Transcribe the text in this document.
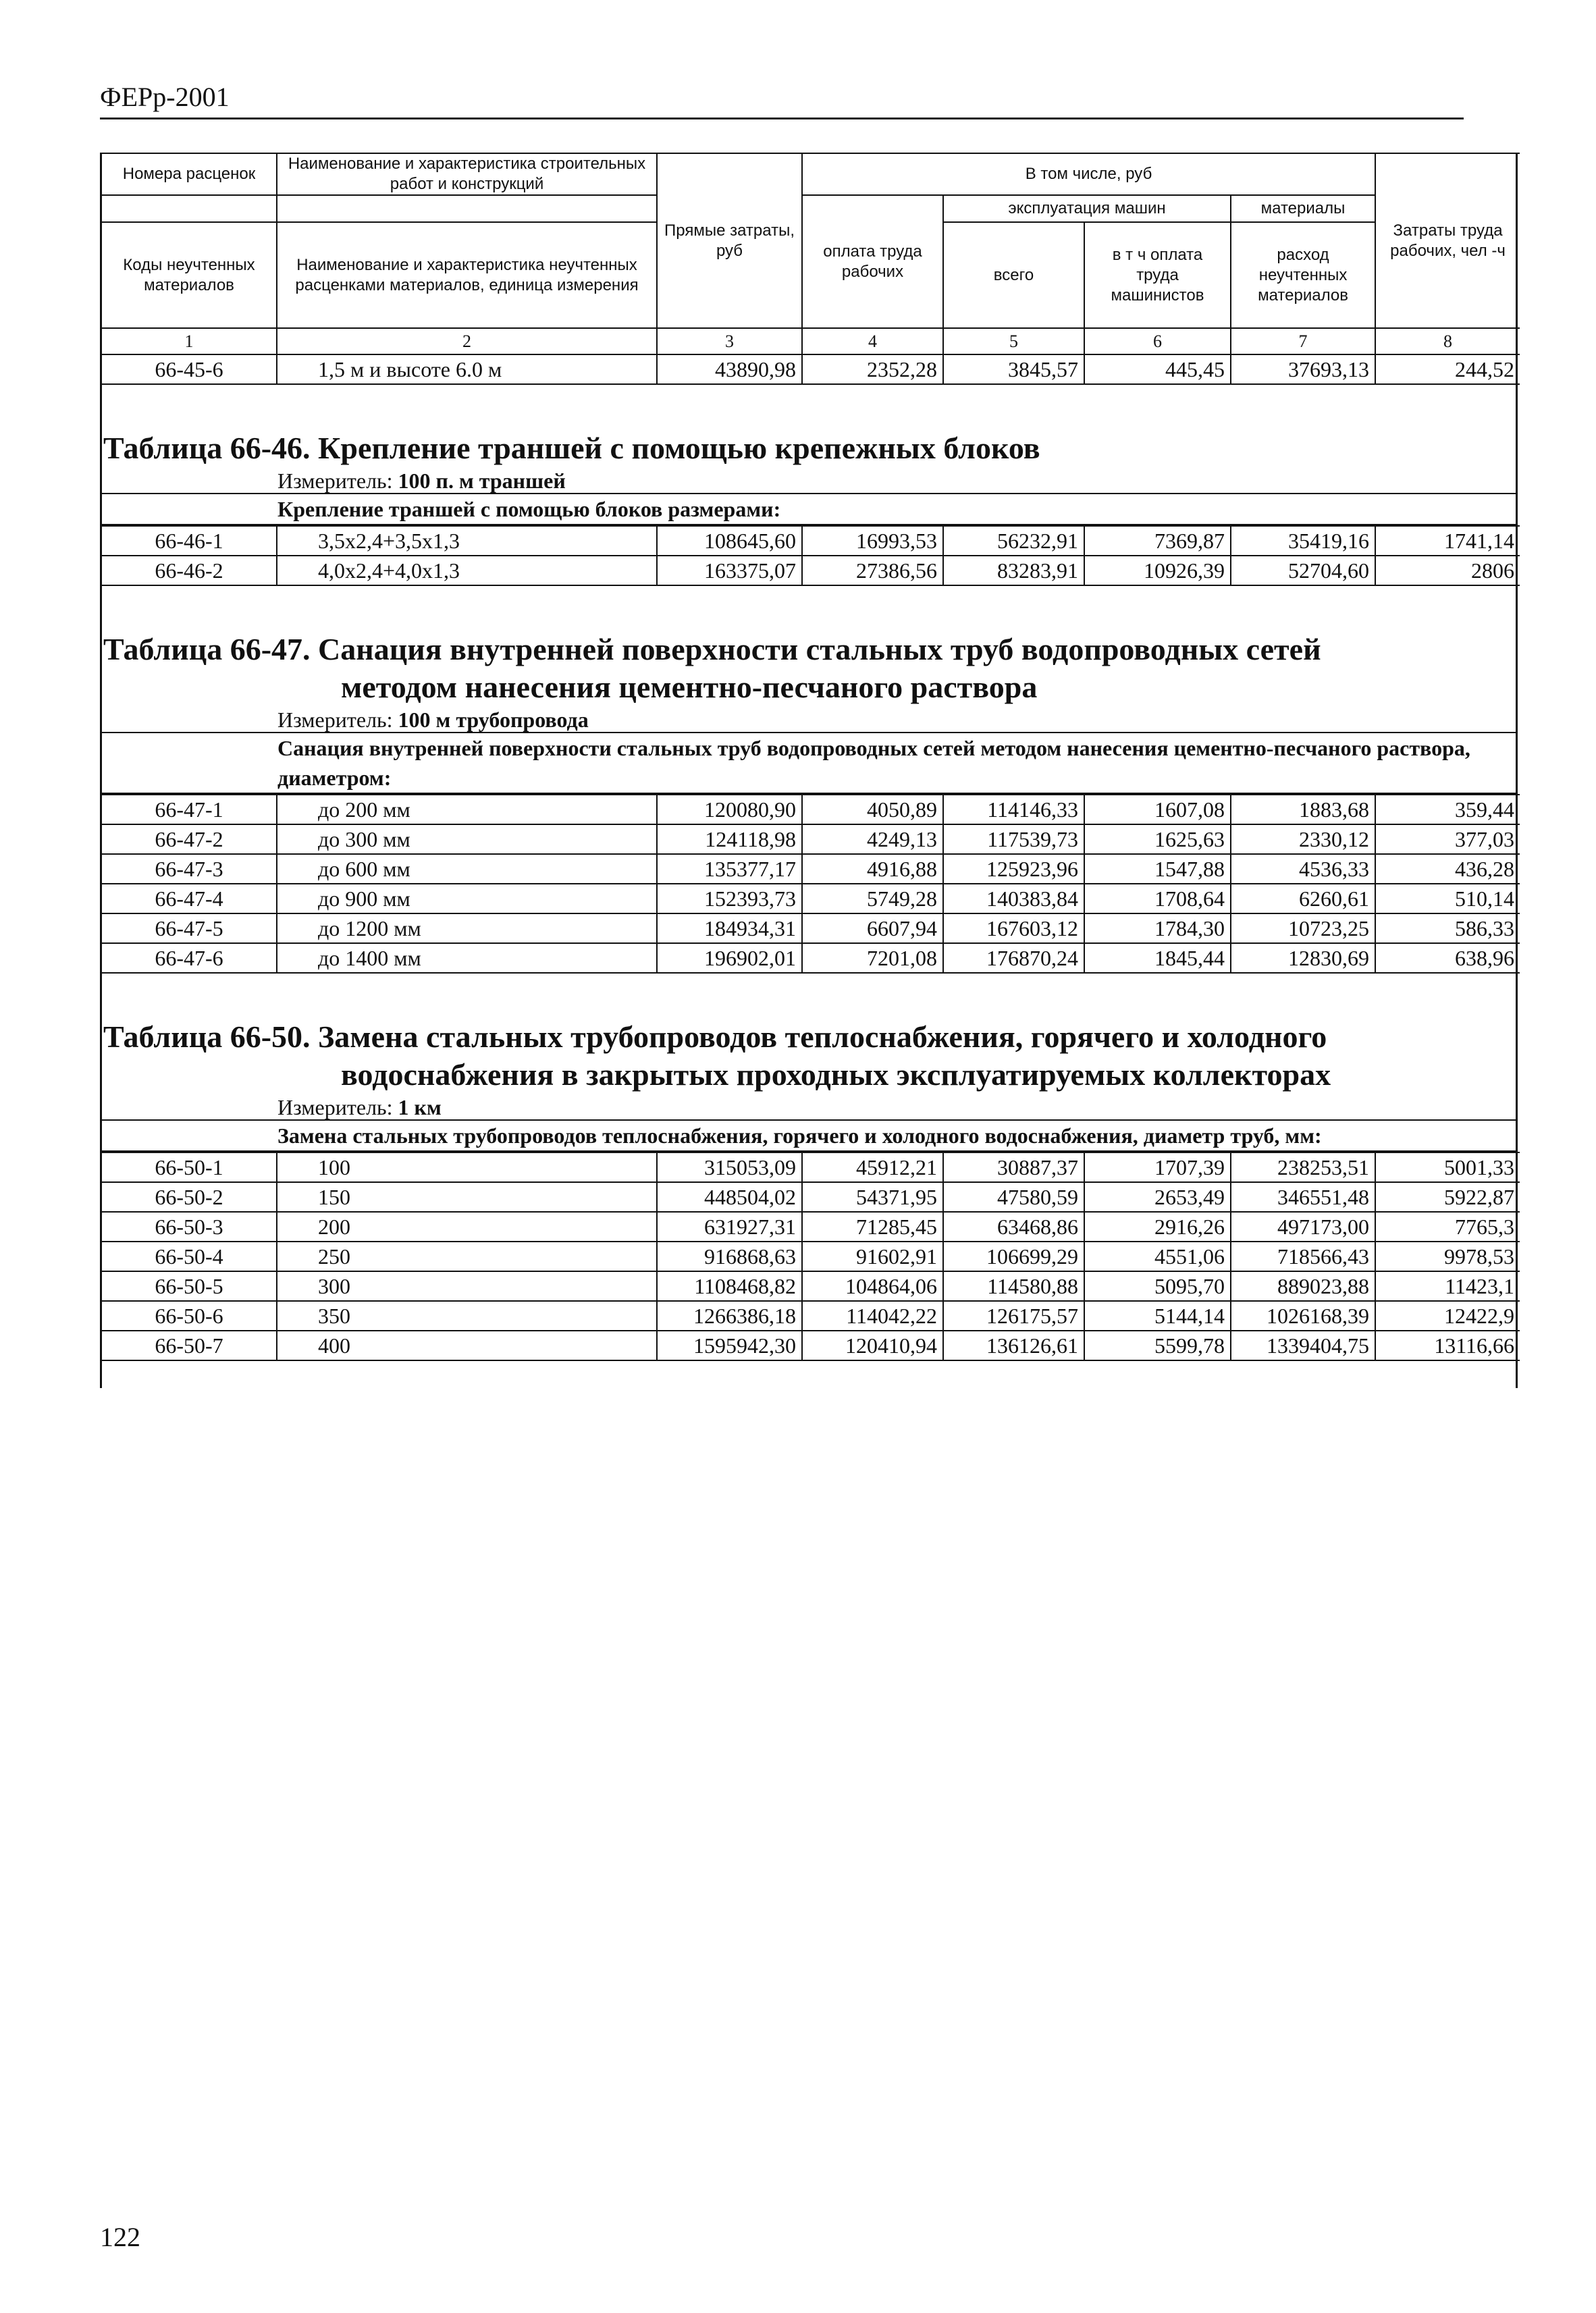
ФЕРр-2001
Номера расценок	Наименование и характеристика строительных работ и конструкций	Прямые затраты, руб	В том числе, руб				Затраты труда рабочих, чел -ч
			оплата труда рабочих	эксплуатация машин		материалы	
Коды неучтенных материалов	Наименование и характеристика неучтенных расценками материалов, единица измерения			всего	в т ч оплата труда машинистов	расход неучтенных материалов	
1	2	3	4	5	6	7	8
66-45-6	1,5 м и высоте 6.0 м	43890,98	2352,28	3845,57	445,45	37693,13	244,52
Таблица 66-46. Крепление траншей с помощью крепежных блоков
Измеритель: 100 п. м траншей
Крепление траншей с помощью блоков размерами:
66-46-1	3,5x2,4+3,5x1,3	108645,60	16993,53	56232,91	7369,87	35419,16	1741,14
66-46-2	4,0x2,4+4,0x1,3	163375,07	27386,56	83283,91	10926,39	52704,60	2806
Таблица 66-47. Санация внутренней поверхности стальных труб водопроводных сетей
методом нанесения цементно-песчаного раствора
Измеритель: 100 м трубопровода
Санация внутренней поверхности стальных труб водопроводных сетей методом нанесения цементно-песчаного раствора, диаметром:
66-47-1	до 200 мм	120080,90	4050,89	114146,33	1607,08	1883,68	359,44
66-47-2	до 300 мм	124118,98	4249,13	117539,73	1625,63	2330,12	377,03
66-47-3	до 600 мм	135377,17	4916,88	125923,96	1547,88	4536,33	436,28
66-47-4	до 900 мм	152393,73	5749,28	140383,84	1708,64	6260,61	510,14
66-47-5	до 1200 мм	184934,31	6607,94	167603,12	1784,30	10723,25	586,33
66-47-6	до 1400 мм	196902,01	7201,08	176870,24	1845,44	12830,69	638,96
Таблица 66-50. Замена стальных трубопроводов теплоснабжения, горячего и холодного
водоснабжения в закрытых проходных эксплуатируемых коллекторах
Измеритель: 1 км
Замена стальных трубопроводов теплоснабжения, горячего и холодного водоснабжения, диаметр труб, мм:
66-50-1	100	315053,09	45912,21	30887,37	1707,39	238253,51	5001,33
66-50-2	150	448504,02	54371,95	47580,59	2653,49	346551,48	5922,87
66-50-3	200	631927,31	71285,45	63468,86	2916,26	497173,00	7765,3
66-50-4	250	916868,63	91602,91	106699,29	4551,06	718566,43	9978,53
66-50-5	300	1108468,82	104864,06	114580,88	5095,70	889023,88	11423,1
66-50-6	350	1266386,18	114042,22	126175,57	5144,14	1026168,39	12422,9
66-50-7	400	1595942,30	120410,94	136126,61	5599,78	1339404,75	13116,66
122
